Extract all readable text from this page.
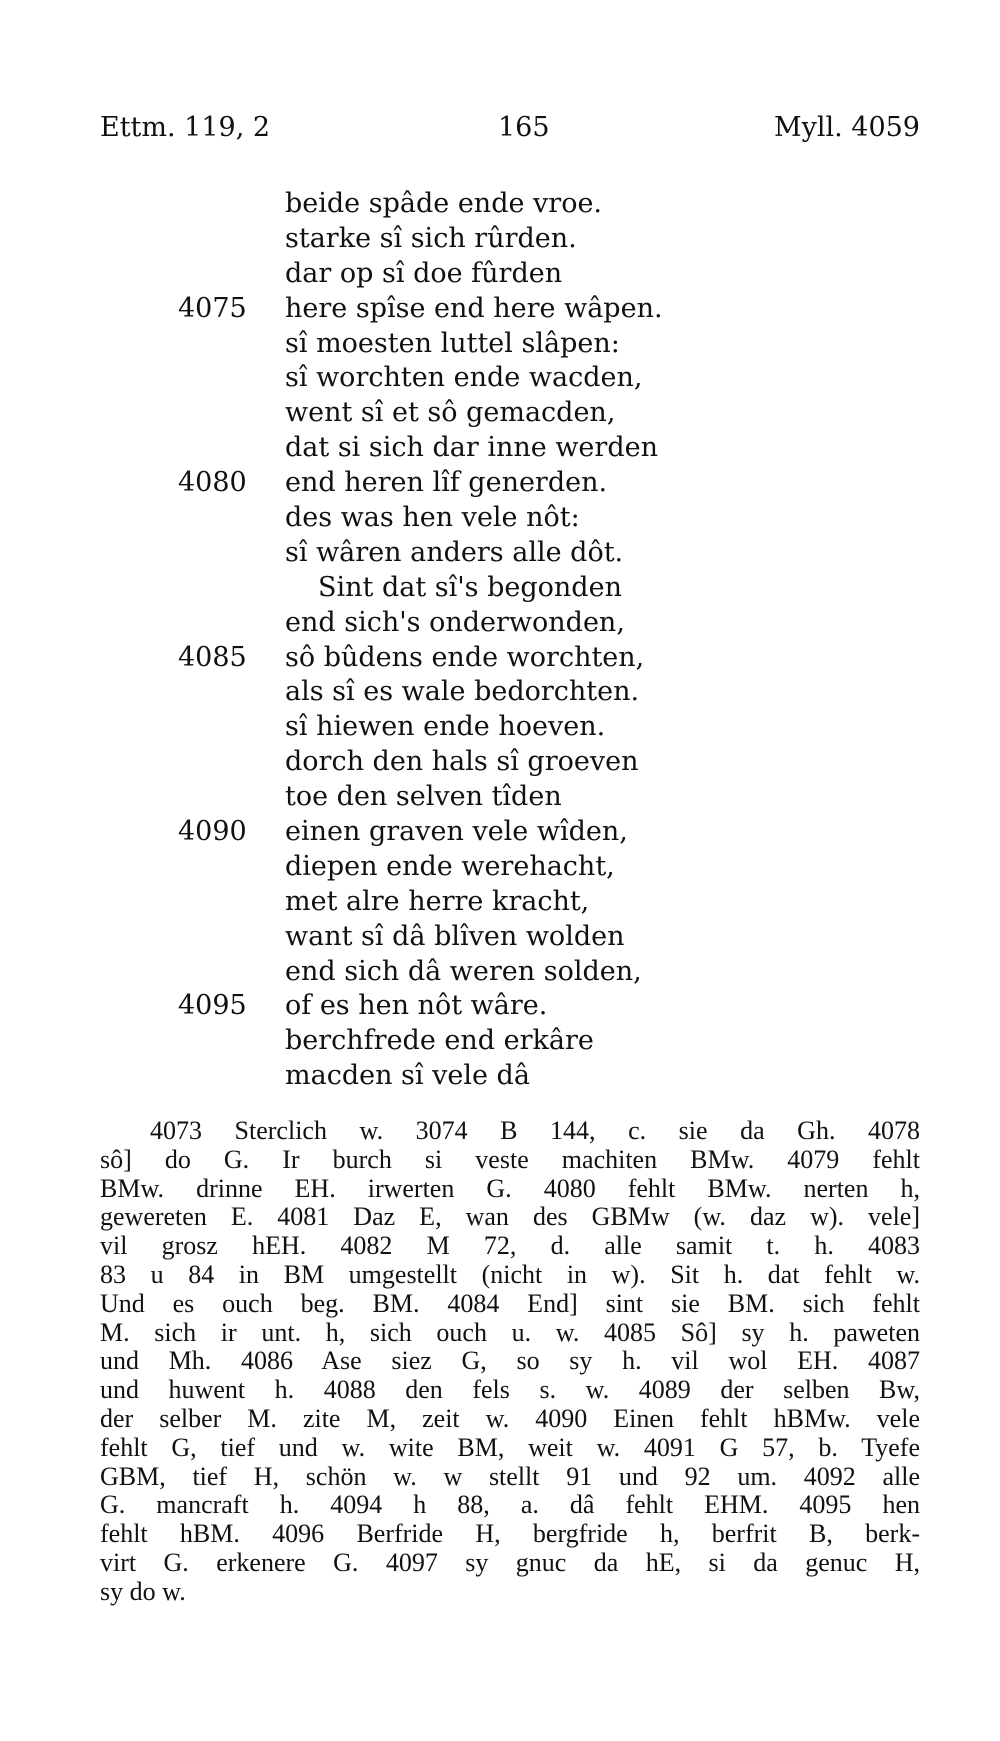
Ettm. 119, 2	165	Myll. 4059
beide spâde ende vroe.
starke sî sich rûrden.
dar op sî doe fûrden
4075 here spîse end here wâpen.
sî moesten luttel slâpen:
sî worchten ende wacden,
went sî et sô gemacden,
dat si sich dar inne werden
4080 end heren lîf generden.
des was hen vele nôt:
sî wâren anders alle dôt.
Sint dat sî's begonden
end sich's onderwonden,
4085 sô bûdens ende worchten,
als sî es wale bedorchten.
sî hiewen ende hoeven.
dorch den hals sî groeven
toe den selven tîden
4090 einen graven vele wîden,
diepen ende werehacht,
met alre herre kracht,
want sî dâ blîven wolden
end sich dâ weren solden,
4095 of es hen nôt wâre.
berchfrede end erkâre
macden sî vele dâ
4073 Sterclich w. 3074 B 144, c. sie da Gh. 4078
sô] do G. Ir burch si veste machiten BMw. 4079 fehlt
BMw. drinne EH. irwerten G. 4080 fehlt BMw. nerten h,
gewereten E. 4081 Daz E, wan des GBMw (w. daz w). vele]
vil grosz hEH. 4082 M 72, d. alle samit t. h. 4083
83 u 84 in BM umgestellt (nicht in w). Sit h. dat fehlt w.
Und es ouch beg. BM. 4084 End] sint sie BM. sich fehlt
M. sich ir unt. h, sich ouch u. w. 4085 Sô] sy h. paweten
und Mh. 4086 Ase siez G, so sy h. vil wol EH. 4087
und huwent h. 4088 den fels s. w. 4089 der selben Bw,
der selber M. zite M, zeit w. 4090 Einen fehlt hBMw. vele
fehlt G, tief und w. wite BM, weit w. 4091 G 57, b. Tyefe
GBM, tief H, schön w. w stellt 91 und 92 um. 4092 alle
G. mancraft h. 4094 h 88, a. dâ fehlt EHM. 4095 hen
fehlt hBM. 4096 Berfride H, bergfride h, berfrit B, berk-
virt G. erkenere G. 4097 sy gnuc da hE, si da genuc H,
sy do w.
